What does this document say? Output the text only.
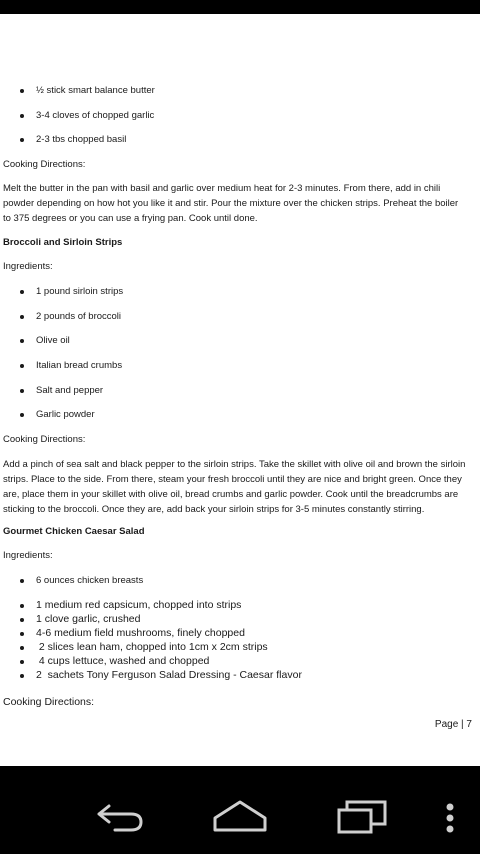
½ stick smart balance butter
3-4 cloves of chopped garlic
2-3 tbs chopped basil
Cooking Directions:
Melt the butter in the pan with basil and garlic over medium heat for 2-3 minutes. From there, add in chili
powder depending on how hot you like it and stir. Pour the mixture over the chicken strips. Preheat the boiler
to 375 degrees or you can use a frying pan. Cook until done.
Broccoli and Sirloin Strips
Ingredients:
1 pound sirloin strips
2 pounds of broccoli
Olive oil
Italian bread crumbs
Salt and pepper
Garlic powder
Cooking Directions:
Add a pinch of sea salt and black pepper to the sirloin strips. Take the skillet with olive oil and brown the sirloin
strips. Place to the side. From there, steam your fresh broccoli until they are nice and bright green. Once they
are, place them in your skillet with olive oil, bread crumbs and garlic powder. Cook until the breadcrumbs are
sticking to the broccoli. Once they are, add back your sirloin strips for 3-5 minutes constantly stirring.
Gourmet Chicken Caesar Salad
Ingredients:
6 ounces chicken breasts
1 medium red capsicum, chopped into strips
1 clove garlic, crushed
4-6 medium field mushrooms, finely chopped
2 slices lean ham, chopped into 1cm x 2cm strips
4 cups lettuce, washed and chopped
2  sachets Tony Ferguson Salad Dressing - Caesar flavor
Cooking Directions:
Page | 7
